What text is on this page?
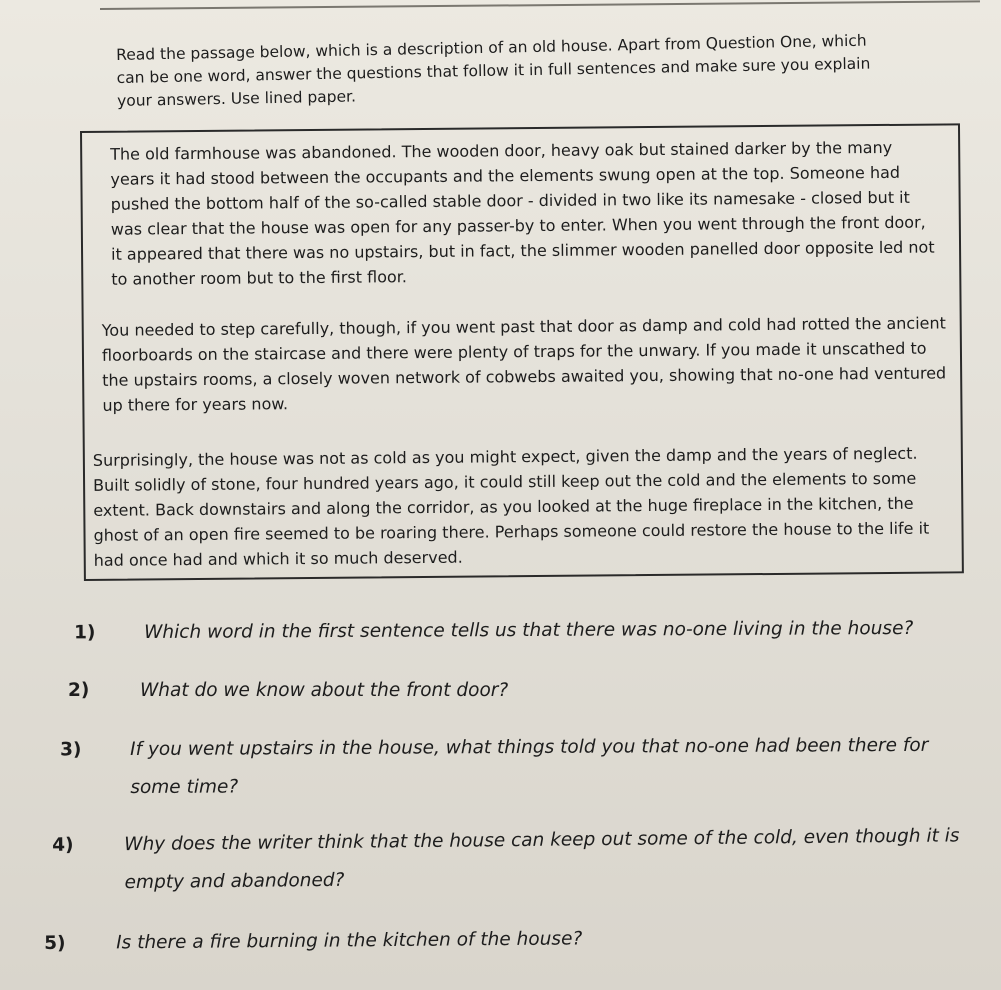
Read the passage below, which is a description of an old house. Apart from Question One, which can be one word, answer the questions that follow it in full sentences and make sure you explain your answers. Use lined paper.

The old farmhouse was abandoned. The wooden door, heavy oak but stained darker by the many years it had stood between the occupants and the elements swung open at the top. Someone had pushed the bottom half of the so-called stable door - divided in two like its namesake - closed but it was clear that the house was open for any passer-by to enter. When you went through the front door, it appeared that there was no upstairs, but in fact, the slimmer wooden panelled door opposite led not to another room but to the first floor.

You needed to step carefully, though, if you went past that door as damp and cold had rotted the ancient floorboards on the staircase and there were plenty of traps for the unwary. If you made it unscathed to the upstairs rooms, a closely woven network of cobwebs awaited you, showing that no-one had ventured up there for years now.

Surprisingly, the house was not as cold as you might expect, given the damp and the years of neglect. Built solidly of stone, four hundred years ago, it could still keep out the cold and the elements to some extent. Back downstairs and along the corridor, as you looked at the huge fireplace in the kitchen, the ghost of an open fire seemed to be roaring there. Perhaps someone could restore the house to the life it had once had and which it so much deserved.

1)	Which word in the first sentence tells us that there was no-one living in the house?
2)	What do we know about the front door?
3)	If you went upstairs in the house, what things told you that no-one had been there for some time?
4)	Why does the writer think that the house can keep out some of the cold, even though it is empty and abandoned?
5)	Is there a fire burning in the kitchen of the house?
